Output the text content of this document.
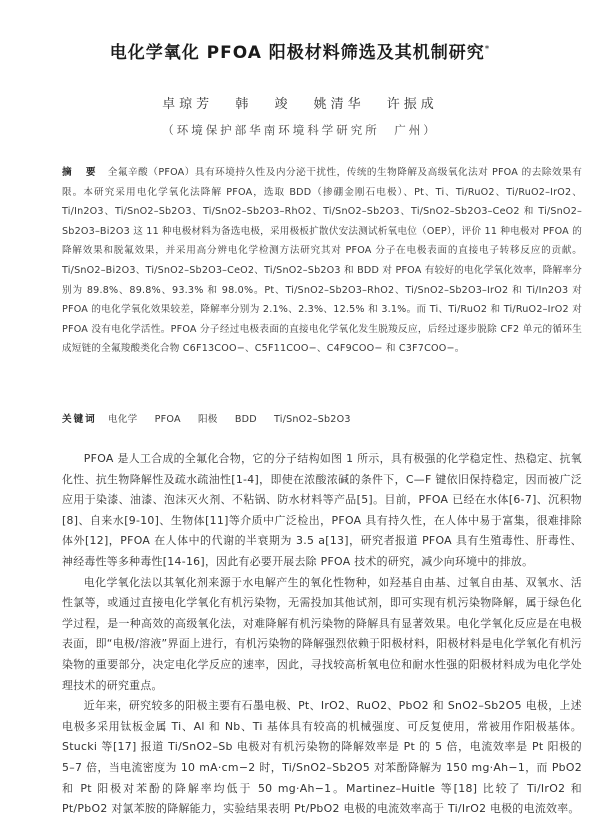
电化学氧化 PFOA 阳极材料筛选及其机制研究*
卓琼芳 韩 竣 姚清华 许振成
（环境保护部华南环境科学研究所　广州）
摘　要 全氟辛酸（PFOA）具有环境持久性及内分泌干扰性，传统的生物降解及高级氧化法对 PFOA 的去除效果有限。本研究采用电化学氧化法降解 PFOA，选取 BDD（掺硼金刚石电极）、Pt、Ti、Ti/RuO2、Ti/RuO2–IrO2、Ti/In2O3、Ti/SnO2–Sb2O3、Ti/SnO2–Sb2O3–RhO2、Ti/SnO2–Sb2O3、Ti/SnO2–Sb2O3–CeO2 和 Ti/SnO2–Sb2O3–Bi2O3 这 11 种电极材料为备选电极，采用极板扩散伏安法测试析氧电位（OEP），评价 11 种电极对 PFOA 的降解效果和脱氟效果，并采用高分辨电化学检测方法研究其对 PFOA 分子在电极表面的直接电子转移反应的贡献。Ti/SnO2–Bi2O3、Ti/SnO2–Sb2O3–CeO2、Ti/SnO2–Sb2O3 和 BDD 对 PFOA 有较好的电化学氧化效率，降解率分别为 89.8%、89.8%、93.3% 和 98.0%。Pt、Ti/SnO2–Sb2O3–RhO2、Ti/SnO2–Sb2O3–IrO2 和 Ti/In2O3 对 PFOA 的电化学氧化效果较差，降解率分别为 2.1%、2.3%、12.5% 和 3.1%。而 Ti、Ti/RuO2 和 Ti/RuO2–IrO2 对 PFOA 没有电化学活性。PFOA 分子经过电极表面的直接电化学氧化发生脱羧反应，后经过逐步脱除 CF2 单元的循环生成短链的全氟羧酸类化合物 C6F13COO−、C5F11COO−、C4F9COO− 和 C3F7COO−。
关键词 电化学 PFOA 阳极 BDD Ti/SnO2–Sb2O3

PFOA 是人工合成的全氟化合物，它的分子结构如图 1 所示，具有极强的化学稳定性、热稳定、抗氧化性、抗生物降解性及疏水疏油性[1-4]，即使在浓酸浓碱的条件下，C—F 键依旧保持稳定，因而被广泛应用于染漆、油漆、泡沫灭火剂、不粘锅、防水材料等产品[5]。目前，PFOA 已经在水体[6-7]、沉积物[8]、自来水[9-10]、生物体[11]等介质中广泛检出，PFOA 具有持久性，在人体中易于富集，很难排除体外[12]，PFOA 在人体中的代谢的半衰期为 3.5 a[13]，研究者报道 PFOA 具有生殖毒性、肝毒性、神经毒性等多种毒性[14-16]，因此有必要开展去除 PFOA 技术的研究，减少向环境中的排放。

电化学氧化法以其氧化剂来源于水电解产生的氧化性物种，如羟基自由基、过氧自由基、双氧水、活性氯等，或通过直接电化学氧化有机污染物，无需投加其他试剂，即可实现有机污染物降解，属于绿色化学过程，是一种高效的高级氧化法，对难降解有机污染物的降解具有显著效果。电化学氧化反应是在电极表面，即“电极/溶液”界面上进行，有机污染物的降解强烈依赖于阳极材料，阳极材料是电化学氧化有机污染物的重要部分，决定电化学反应的速率，因此，寻找较高析氧电位和耐水性强的阳极材料成为电化学处理技术的研究重点。

近年来，研究较多的阳极主要有石墨电极、Pt、IrO2、RuO2、PbO2 和 SnO2–Sb2O5 电极，上述电极多采用钛板金属 Ti、Al 和 Nb、Ti 基体具有较高的机械强度、可反复使用，常被用作阳极基体。Stucki 等[17] 报道 Ti/SnO2–Sb 电极对有机污染物的降解效率是 Pt 的 5 倍，电流效率是 Pt 阳极的 5–7 倍，当电流密度为 10 mA·cm−2 时，Ti/SnO2–Sb2O5 对苯酚降解为 150 mg·Ah−1，而 PbO2 和 Pt 阳极对苯酚的降解率均低于 50 mg·Ah−1。Martinez–Huitle 等[18] 比较了 Ti/IrO2 和 Pt/PbO2 对氯苯胺的降解能力，实验结果表明 Pt/PbO2 电极的电流效率高于 Ti/IrO2 电极的电流效率。
